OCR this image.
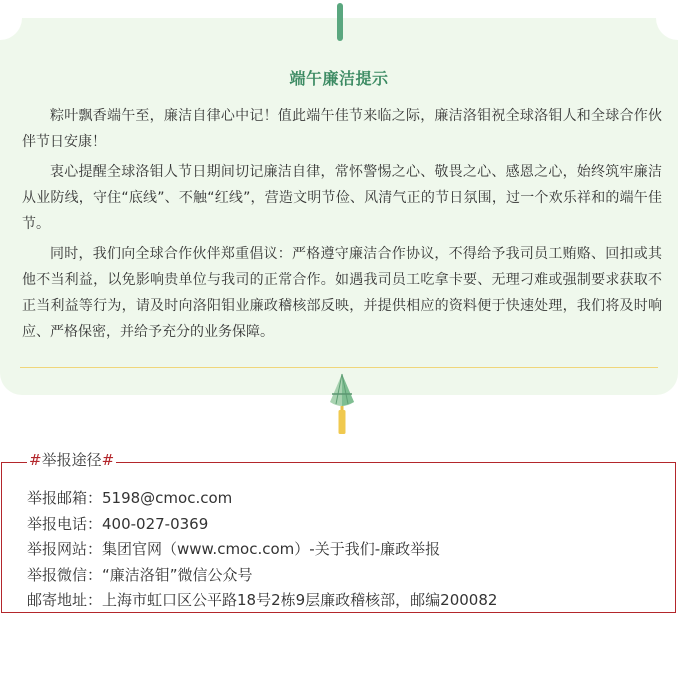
端午廉洁提示

粽叶飘香端午至，廉洁自律心中记！值此端午佳节来临之际，廉洁洛钼祝全球洛钼人和全球合作伙伴节日安康！

衷心提醒全球洛钼人节日期间切记廉洁自律，常怀警惕之心、敬畏之心、感恩之心，始终筑牢廉洁从业防线，守住“底线”、不触“红线”，营造文明节俭、风清气正的节日氛围，过一个欢乐祥和的端午佳节。

同时，我们向全球合作伙伴郑重倡议：严格遵守廉洁合作协议，不得给予我司员工贿赂、回扣或其他不当利益，以免影响贵单位与我司的正常合作。如遇我司员工吃拿卡要、无理刁难或强制要求获取不正当利益等行为，请及时向洛阳钼业廉政稽核部反映，并提供相应的资料便于快速处理，我们将及时响应、严格保密，并给予充分的业务保障。

#举报途径#
举报邮箱：5198@cmoc.com
举报电话：400-027-0369
举报网站：集团官网（www.cmoc.com）-关于我们-廉政举报
举报微信：“廉洁洛钼”微信公众号
邮寄地址：上海市虹口区公平路18号2栋9层廉政稽核部，邮编200082
